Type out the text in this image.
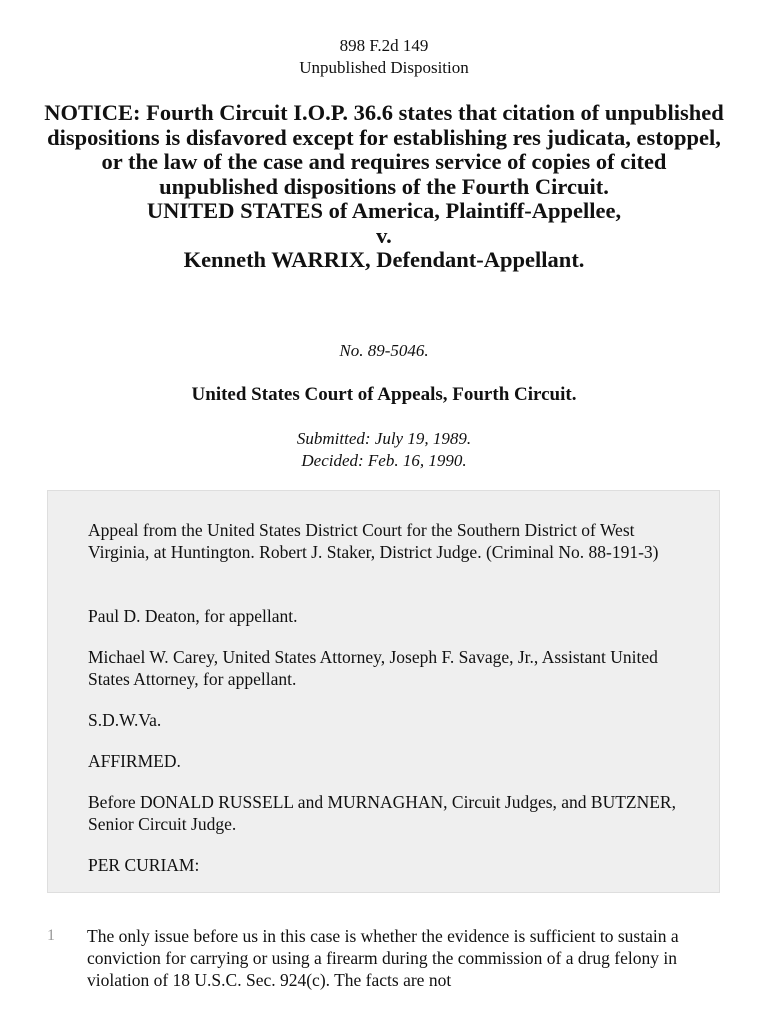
898 F.2d 149
Unpublished Disposition
NOTICE: Fourth Circuit I.O.P. 36.6 states that citation of unpublished dispositions is disfavored except for establishing res judicata, estoppel, or the law of the case and requires service of copies of cited unpublished dispositions of the Fourth Circuit.
UNITED STATES of America, Plaintiff-Appellee,
v.
Kenneth WARRIX, Defendant-Appellant.
No. 89-5046.
United States Court of Appeals, Fourth Circuit.
Submitted: July 19, 1989.
Decided: Feb. 16, 1990.

Appeal from the United States District Court for the Southern District of West Virginia, at Huntington. Robert J. Staker, District Judge. (Criminal No. 88-191-3)

Paul D. Deaton, for appellant.

Michael W. Carey, United States Attorney, Joseph F. Savage, Jr., Assistant United States Attorney, for appellant.

S.D.W.Va.

AFFIRMED.

Before DONALD RUSSELL and MURNAGHAN, Circuit Judges, and BUTZNER, Senior Circuit Judge.

PER CURIAM:

1 The only issue before us in this case is whether the evidence is sufficient to sustain a conviction for carrying or using a firearm during the commission of a drug felony in violation of 18 U.S.C. Sec. 924(c). The facts are not
